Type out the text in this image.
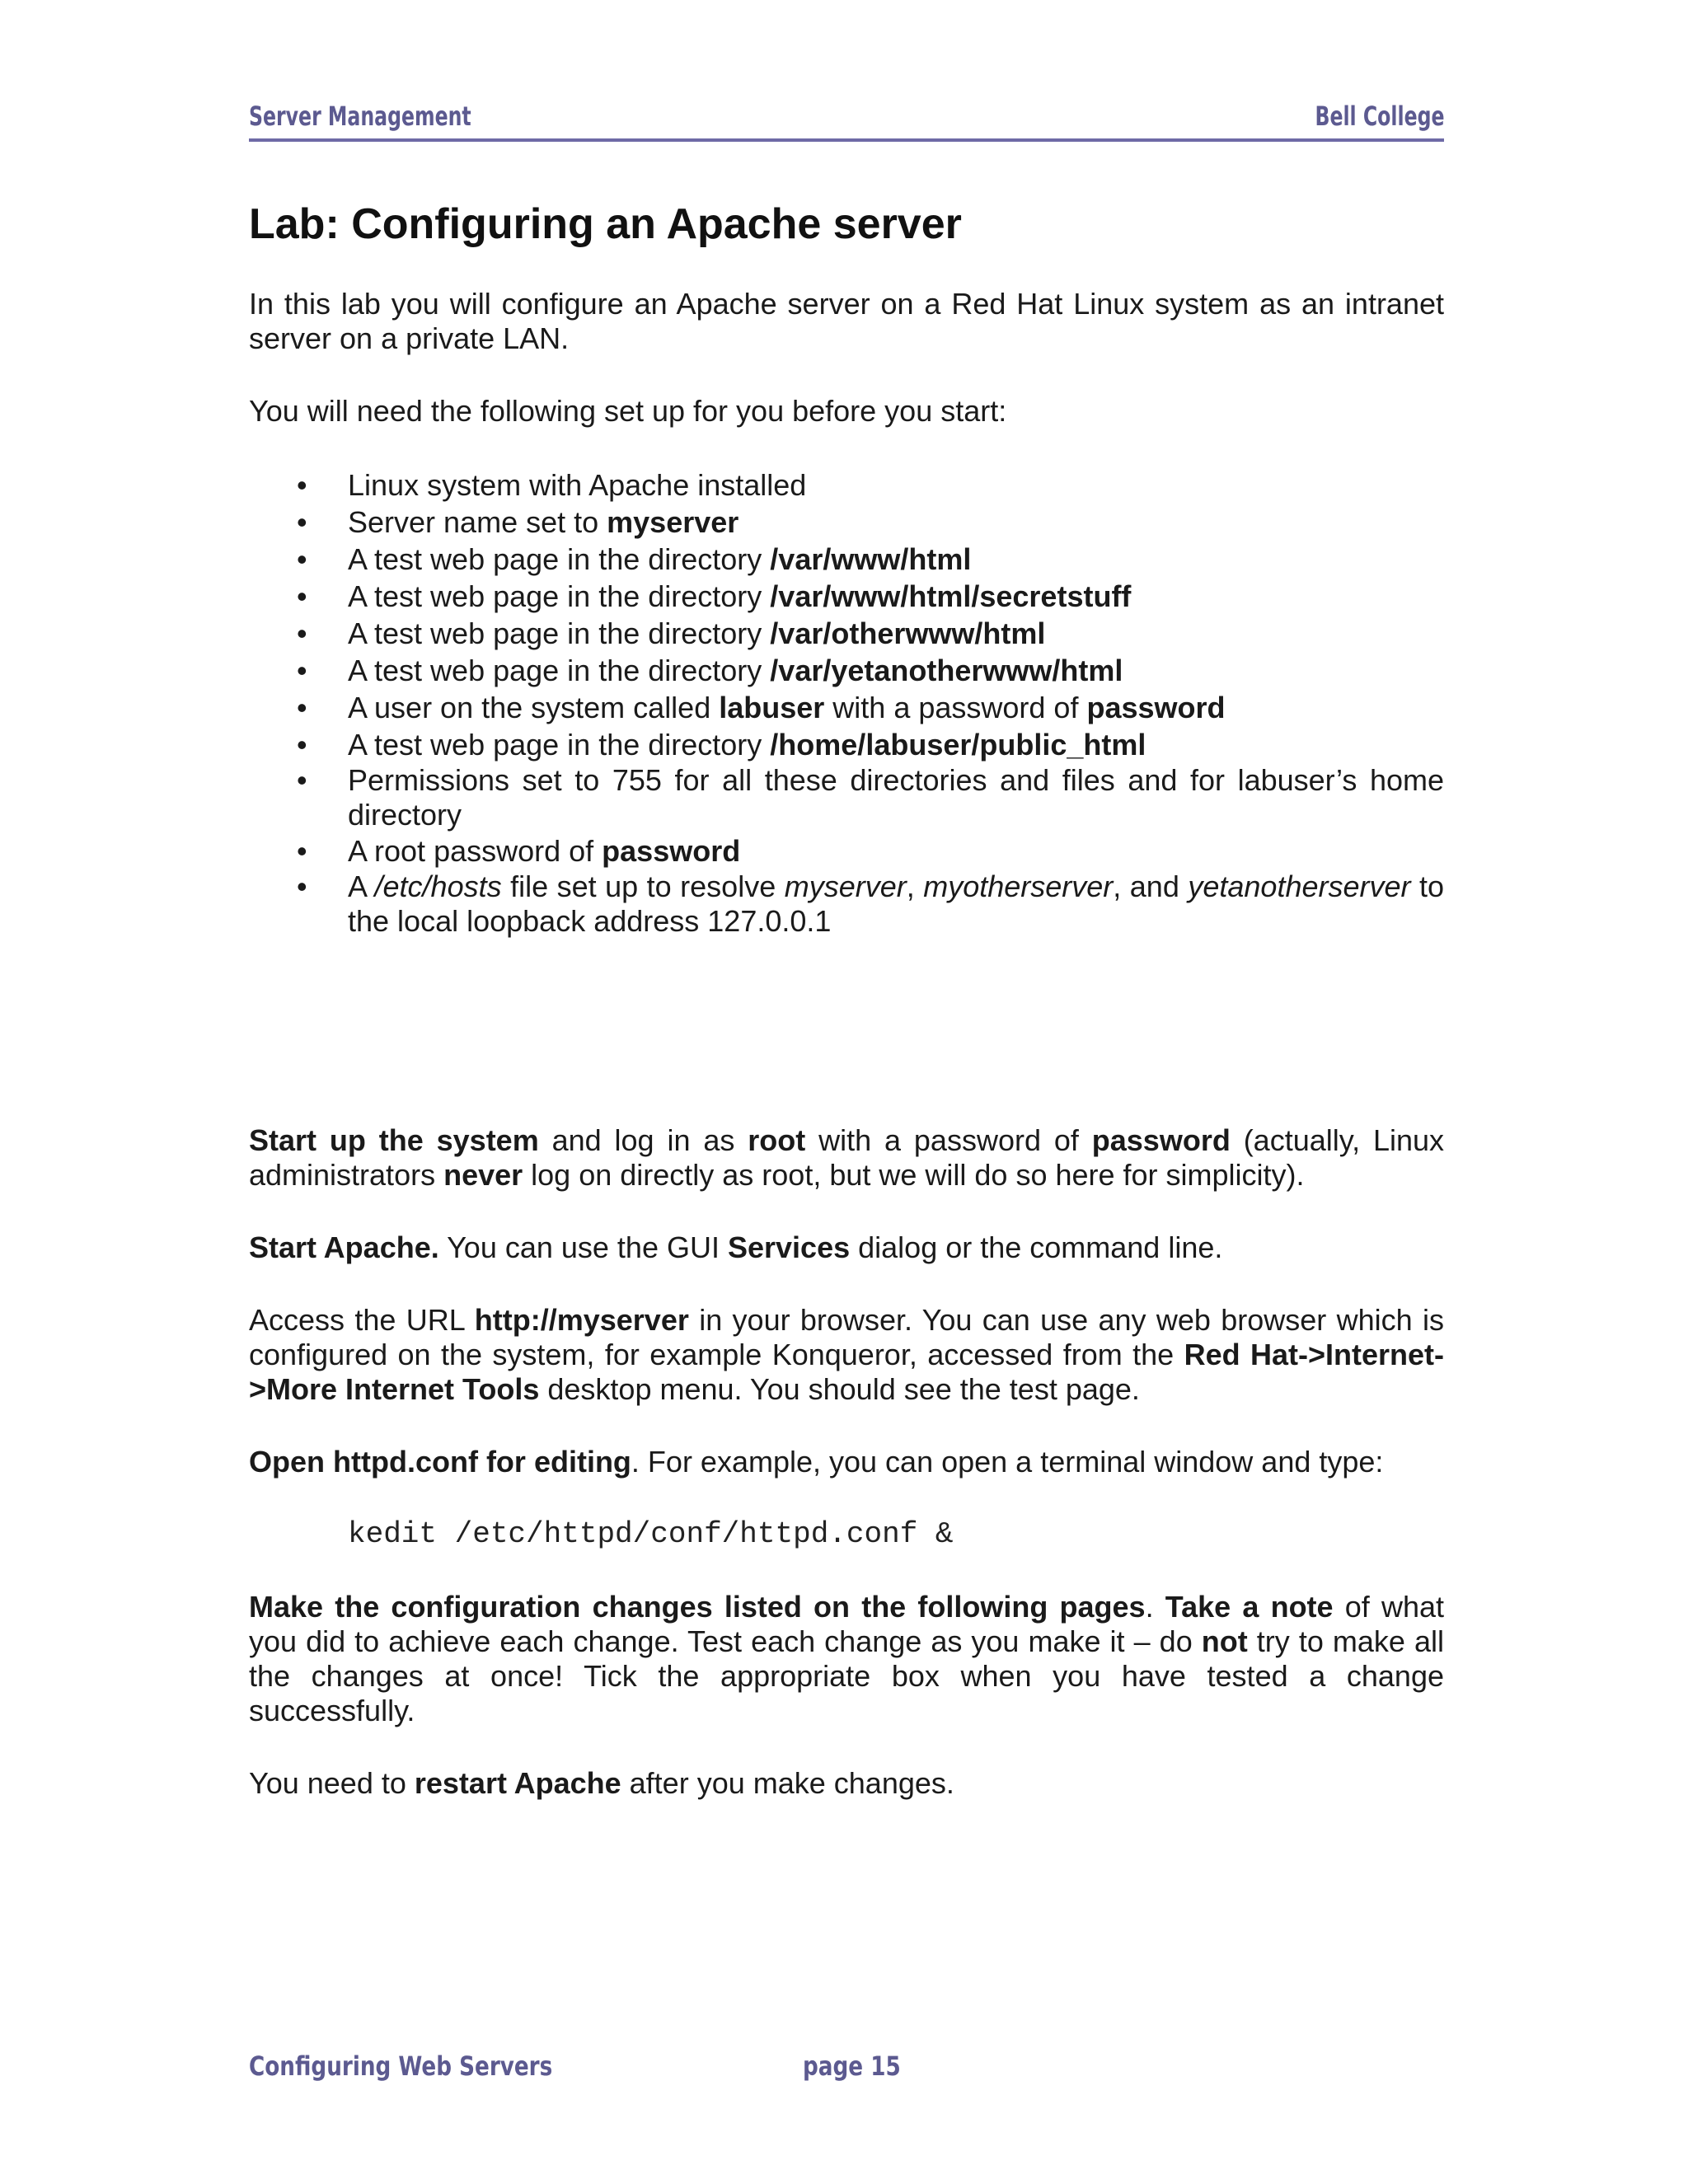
Server Management	Bell College
Lab: Configuring an Apache server

In this lab you will configure an Apache server on a Red Hat Linux system as an intranet server on a private LAN.

You will need the following set up for you before you start:

• Linux system with Apache installed
• Server name set to myserver
• A test web page in the directory /var/www/html
• A test web page in the directory /var/www/html/secretstuff
• A test web page in the directory /var/otherwww/html
• A test web page in the directory /var/yetanotherwww/html
• A user on the system called labuser with a password of password
• A test web page in the directory /home/labuser/public_html
• Permissions set to 755 for all these directories and files and for labuser’s home directory
• A root password of password
• A /etc/hosts file set up to resolve myserver, myotherserver, and yetanotherserver to the local loopback address 127.0.0.1

Start up the system and log in as root with a password of password (actually, Linux administrators never log on directly as root, but we will do so here for simplicity).

Start Apache. You can use the GUI Services dialog or the command line.

Access the URL http://myserver in your browser. You can use any web browser which is configured on the system, for example Konqueror, accessed from the Red Hat->Internet->More Internet Tools desktop menu. You should see the test page.

Open httpd.conf for editing. For example, you can open a terminal window and type:

kedit /etc/httpd/conf/httpd.conf &

Make the configuration changes listed on the following pages. Take a note of what you did to achieve each change. Test each change as you make it – do not try to make all the changes at once! Tick the appropriate box when you have tested a change successfully.

You need to restart Apache after you make changes.

Configuring Web Servers	page 15
